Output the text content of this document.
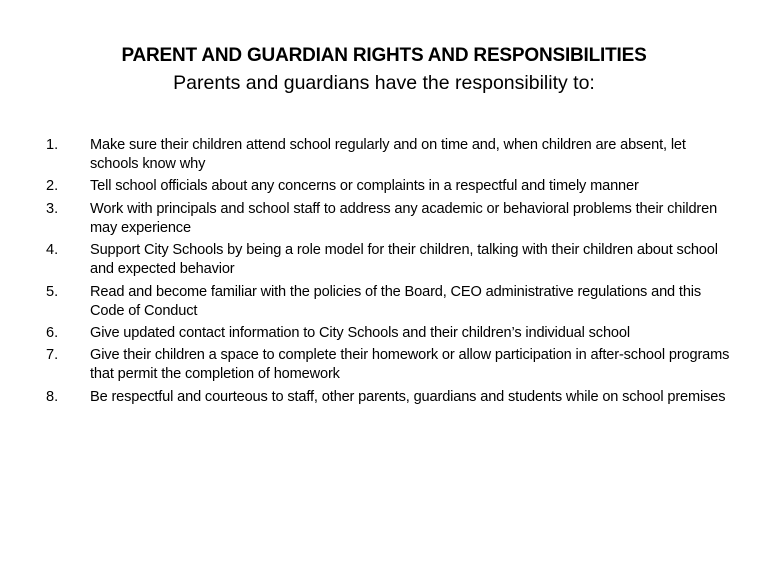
PARENT AND GUARDIAN RIGHTS AND RESPONSIBILITIES
Parents and guardians have the responsibility to:
1.	Make sure their children attend school regularly and on time and, when children are absent, let schools know why
2.	Tell school officials about any concerns or complaints in a respectful and timely manner
3.	Work with principals and school staff to address any academic or behavioral problems their children may experience
4.	Support City Schools by being a role model for their children, talking with their children about school and expected behavior
5.	Read and become familiar with the policies of the Board, CEO administrative regulations and this Code of Conduct
6.	Give updated contact information to City Schools and their children’s individual school
7.	Give their children a space to complete their homework or allow participation in after-school programs that permit the completion of homework
8.	Be respectful and courteous to staff, other parents, guardians and students while on school premises
